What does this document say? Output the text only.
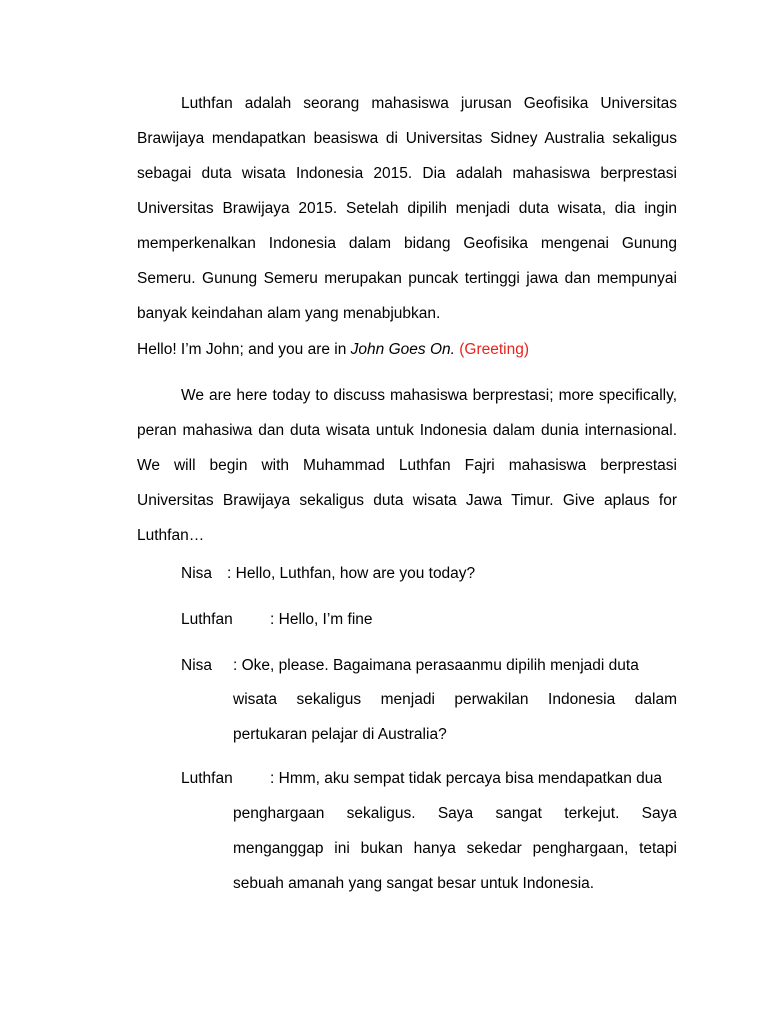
Luthfan adalah seorang mahasiswa jurusan Geofisika Universitas Brawijaya mendapatkan beasiswa di Universitas Sidney Australia sekaligus sebagai duta wisata Indonesia 2015. Dia adalah mahasiswa berprestasi Universitas Brawijaya 2015. Setelah dipilih menjadi duta wisata, dia ingin memperkenalkan Indonesia dalam bidang Geofisika mengenai Gunung Semeru. Gunung Semeru merupakan puncak tertinggi jawa dan mempunyai banyak keindahan alam yang menabjubkan.

Hello! I’m John; and you are in John Goes On. (Greeting)

We are here today to discuss mahasiswa berprestasi; more specifically, peran mahasiwa dan duta wisata untuk Indonesia dalam dunia internasional. We will begin with Muhammad Luthfan Fajri mahasiswa berprestasi Universitas Brawijaya sekaligus duta wisata Jawa Timur. Give aplaus for Luthfan…

Nisa : Hello, Luthfan, how are you today?
Luthfan : Hello, I’m fine
Nisa : Oke, please. Bagaimana perasaanmu dipilih menjadi duta

wisata sekaligus menjadi perwakilan Indonesia dalam pertukaran pelajar di Australia?

Luthfan : Hmm, aku sempat tidak percaya bisa mendapatkan dua

penghargaan sekaligus. Saya sangat terkejut. Saya menganggap ini bukan hanya sekedar penghargaan, tetapi sebuah amanah yang sangat besar untuk Indonesia.
